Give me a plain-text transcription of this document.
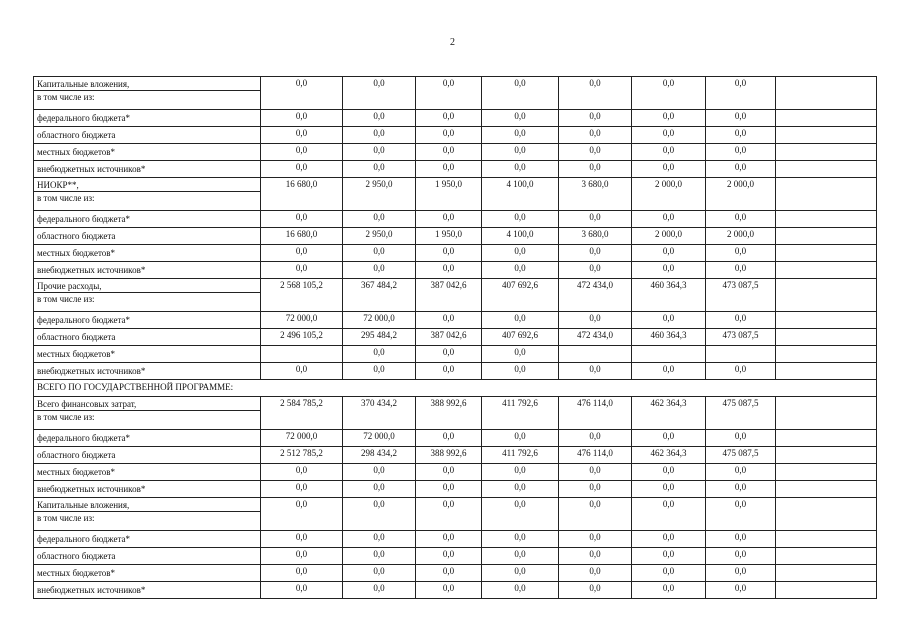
2
Капитальные вложения,
в том числе из:	0,0	0,0	0,0	0,0	0,0	0,0	0,0	
федерального бюджета*	0,0	0,0	0,0	0,0	0,0	0,0	0,0	
областного бюджета	0,0	0,0	0,0	0,0	0,0	0,0	0,0	
местных бюджетов*	0,0	0,0	0,0	0,0	0,0	0,0	0,0	
внебюджетных источников*	0,0	0,0	0,0	0,0	0,0	0,0	0,0	

НИОКР**,
в том числе из:	16 680,0	2 950,0	1 950,0	4 100,0	3 680,0	2 000,0	2 000,0	
федерального бюджета*	0,0	0,0	0,0	0,0	0,0	0,0	0,0	
областного бюджета	16 680,0	2 950,0	1 950,0	4 100,0	3 680,0	2 000,0	2 000,0	
местных бюджетов*	0,0	0,0	0,0	0,0	0,0	0,0	0,0	
внебюджетных источников*	0,0	0,0	0,0	0,0	0,0	0,0	0,0	

Прочие расходы,
в том числе из:	2 568 105,2	367 484,2	387 042,6	407 692,6	472 434,0	460 364,3	473 087,5	
федерального бюджета*	72 000,0	72 000,0	0,0	0,0	0,0	0,0	0,0	
областного бюджета	2 496 105,2	295 484,2	387 042,6	407 692,6	472 434,0	460 364,3	473 087,5	
местных бюджетов*		0,0	0,0	0,0				
внебюджетных источников*	0,0	0,0	0,0	0,0	0,0	0,0	0,0	
ВСЕГО ПО ГОСУДАРСТВЕННОЙ ПРОГРАММЕ:								

Всего финансовых затрат,
в том числе из:	2 584 785,2	370 434,2	388 992,6	411 792,6	476 114,0	462 364,3	475 087,5	
федерального бюджета*	72 000,0	72 000,0	0,0	0,0	0,0	0,0	0,0	
областного бюджета	2 512 785,2	298 434,2	388 992,6	411 792,6	476 114,0	462 364,3	475 087,5	
местных бюджетов*	0,0	0,0	0,0	0,0	0,0	0,0	0,0	
внебюджетных источников*	0,0	0,0	0,0	0,0	0,0	0,0	0,0	

Капитальные вложения,
в том числе из:	0,0	0,0	0,0	0,0	0,0	0,0	0,0	
федерального бюджета*	0,0	0,0	0,0	0,0	0,0	0,0	0,0	
областного бюджета	0,0	0,0	0,0	0,0	0,0	0,0	0,0	
местных бюджетов*	0,0	0,0	0,0	0,0	0,0	0,0	0,0	
внебюджетных источников*	0,0	0,0	0,0	0,0	0,0	0,0	0,0	
